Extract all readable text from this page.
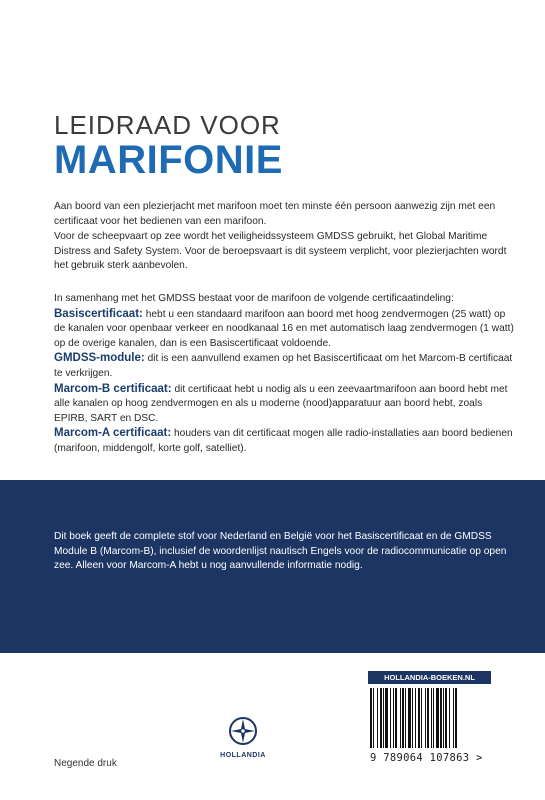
LEIDRAAD VOOR
MARIFONIE
Aan boord van een plezierjacht met marifoon moet ten minste één persoon aanwezig zijn met een certificaat voor het bedienen van een marifoon.
Voor de scheepvaart op zee wordt het veiligheidssysteem GMDSS gebruikt, het Global Maritime Distress and Safety System. Voor de beroepsvaart is dit systeem verplicht, voor plezierjachten wordt het gebruik sterk aanbevolen.
In samenhang met het GMDSS bestaat voor de marifoon de volgende certificaatindeling:
Basiscertificaat: hebt u een standaard marifoon aan boord met hoog zendvermogen (25 watt) op de kanalen voor openbaar verkeer en noodkanaal 16 en met automatisch laag zendvermogen (1 watt) op de overige kanalen, dan is een Basiscertificaat voldoende.
GMDSS-module: dit is een aanvullend examen op het Basiscertificaat om het Marcom-B certificaat te verkrijgen.
Marcom-B certificaat: dit certificaat hebt u nodig als u een zeevaartmarifoon aan boord hebt met alle kanalen op hoog zendvermogen en als u moderne (nood)apparatuur aan boord hebt, zoals EPIRB, SART en DSC.
Marcom-A certificaat: houders van dit certificaat mogen alle radio-installaties aan boord bedienen (marifoon, middengolf, korte golf, satelliet).
Dit boek geeft de complete stof voor Nederland en België voor het Basiscertificaat en de GMDSS Module B (Marcom-B), inclusief de woordenlijst nautisch Engels voor de radiocommunicatie op open zee. Alleen voor Marcom-A hebt u nog aanvullende informatie nodig.
HOLLANDIA
Negende druk
HOLLANDIA-BOEKEN.NL
9 789064 107863 >
